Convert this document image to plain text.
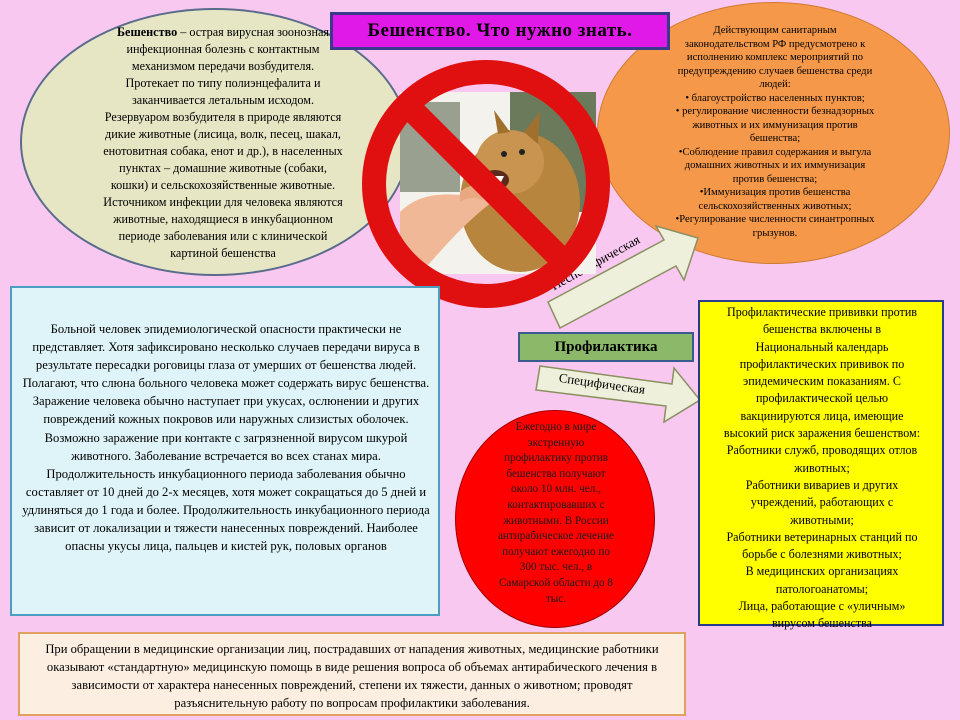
Бешенство – острая вирусная зоонозная
инфекционная болезнь с контактным
механизмом передачи возбудителя.
Протекает по типу полиэнцефалита и
заканчивается летальным исходом.
Резервуаром возбудителя в природе являются
дикие животные (лисица, волк, песец, шакал,
енотовитная собака, енот и др.), в населенных
пунктах – домашние животные (собаки,
кошки) и сельскохозяйственные животные.
Источником инфекции для человека являются
животные, находящиеся в инкубационном
периоде заболевания или с клинической
картиной бешенства
Действующим санитарным
законодательством РФ предусмотрено к
исполнению комплекс мероприятий по
предупреждению случаев бешенства среди
людей:
• благоустройство населенных пунктов;
• регулирование численности безнадзорных
животных и их иммунизация против
бешенства;
•Соблюдение правил содержания и выгула
домашних животных и их иммунизация
против бешенства;
•Иммунизация против бешенства
сельскохозяйственных животных;
•Регулирование численности синантропных
грызунов.
Специфическая
Бешенство. Что нужно знать.
Больной человек эпидемиологической опасности практически не представляет. Хотя зафиксировано несколько случаев передачи вируса в результате пересадки роговицы глаза от умерших от бешенства людей. Полагают, что слюна больного человека может содержать вирус бешенства. Заражение человека обычно наступает при укусах, ослюнении и других повреждений кожных покровов или наружных слизистых оболочек. Возможно заражение при контакте с загрязненной вирусом шкурой животного. Заболевание встречается во всех станах мира. Продолжительность инкубационного периода заболевания обычно составляет от 10 дней до 2-х месяцев, хотя может сокращаться до 5 дней и удлиняться до 1 года и более. Продолжительность инкубационного периода зависит от локализации и тяжести нанесенных повреждений. Наиболее опасны укусы лица, пальцев и кистей рук, половых органов
Профилактика
Ежегодно в мире
экстренную
профилактику против
бешенства получают
около 10 млн. чел.,
контактировавших с
животными. В России
антирабическое лечение
получают ежегодно по
300 тыс. чел., в
Самарской области до 8
тыс.
Профилактические прививки против
бешенства включены в
Национальный календарь
профилактических прививок по
эпидемическим показаниям. С
профилактической целью
вакцинируются лица, имеющие
высокий риск заражения бешенством:
Работники служб, проводящих отлов
животных;
Работники вивариев и других
учреждений, работающих с
животными;
Работники ветеринарных станций по
борьбе с болезнями животных;
В медицинских организациях
патологоанатомы;
Лица, работающие с «уличным»
вирусом бешенства
При обращении в медицинские организации лиц, пострадавших от нападения животных, медицинские работники оказывают «стандартную» медицинскую помощь в виде решения вопроса об объемах антирабического лечения в зависимости от характера нанесенных повреждений, степени их тяжести, данных о животном; проводят разъяснительную работу по вопросам профилактики заболевания.
